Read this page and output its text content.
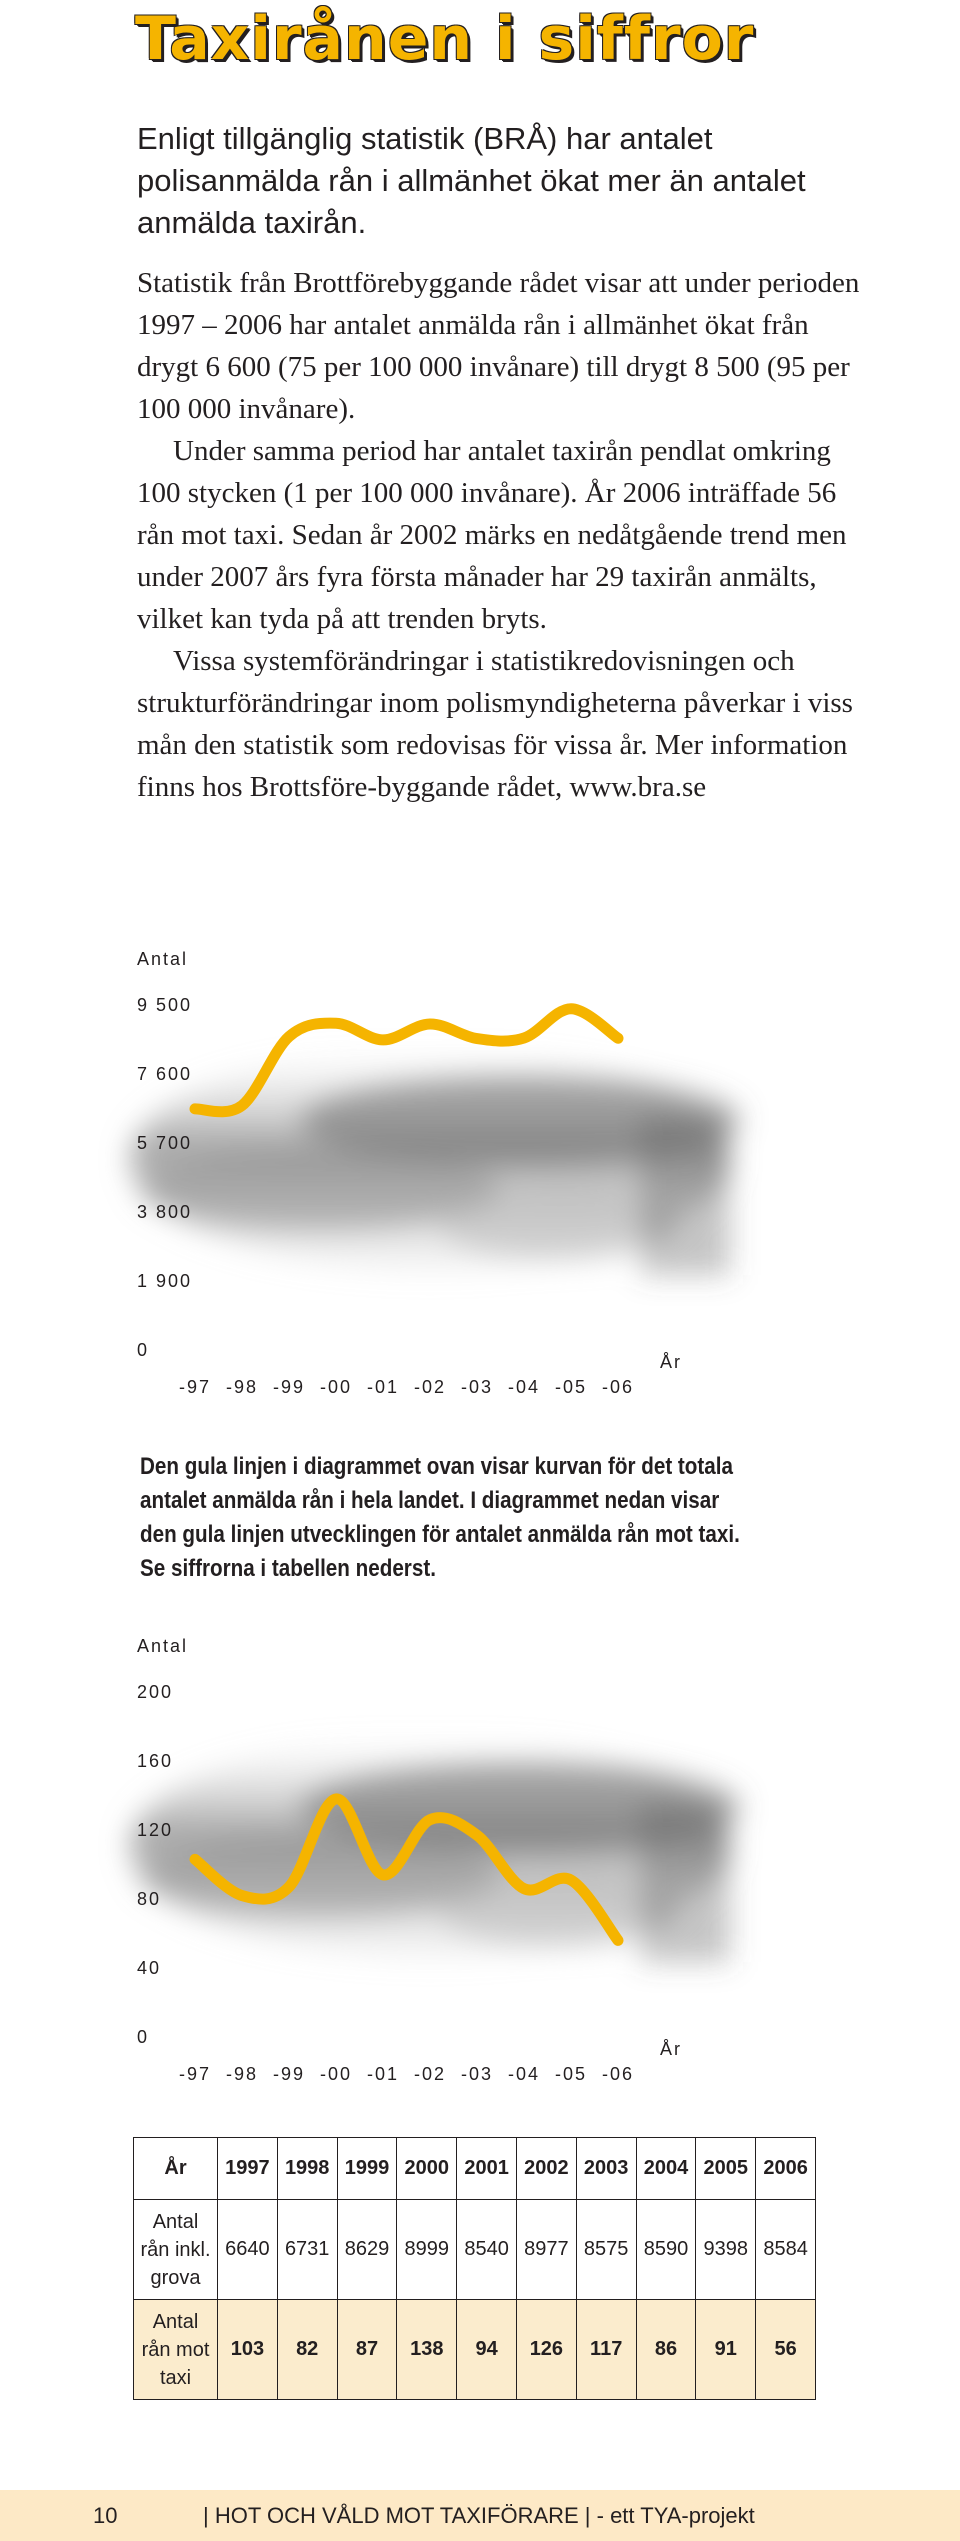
Taxirånen i siffror

Enligt tillgänglig statistik (BRÅ) har antalet polisanmälda rån i allmänhet ökat mer än antalet anmälda taxirån.

Statistik från Brottförebyggande rådet visar att under perioden 1997 – 2006 har antalet anmälda rån i allmänhet ökat från drygt 6 600 (75 per 100 000 invånare) till drygt 8 500 (95 per 100 000 invånare).

Under samma period har antalet taxirån pendlat omkring 100 stycken (1 per 100 000 invånare). År 2006 inträffade 56 rån mot taxi. Sedan år 2002 märks en nedåtgående trend men under 2007 års fyra första månader har 29 taxirån anmälts, vilket kan tyda på att trenden bryts.

Vissa systemförändringar i statistikredovisningen och strukturförändringar inom polismyndigheterna påverkar i viss mån den statistik som redovisas för vissa år. Mer information finns hos Brottsföre-byggande rådet, www.bra.se

Antal
0
1 900
3 800
5 700
7 600
9 500
-97 -98 -99 -00 -01 -02 -03 -04 -05 -06
År

Den gula linjen i diagrammet ovan visar kurvan för det totala antalet anmälda rån i hela landet. I diagrammet nedan visar den gula linjen utvecklingen för antalet anmälda rån mot taxi. Se siffrorna i tabellen nederst.

Antal
0
40
80
120
160
200
-97 -98 -99 -00 -01 -02 -03 -04 -05 -06
År
År	1997	1998	1999	2000	2001	2002	2003	2004	2005	2006

Antal
rån inkl.
grova	6640	6731	8629	8999	8540	8977	8575	8590	9398	8584

Antal
rån mot
taxi	103	82	87	138	94	126	117	86	91	56
10	| HOT OCH VÅLD MOT TAXIFÖRARE | - ett TYA-projekt
